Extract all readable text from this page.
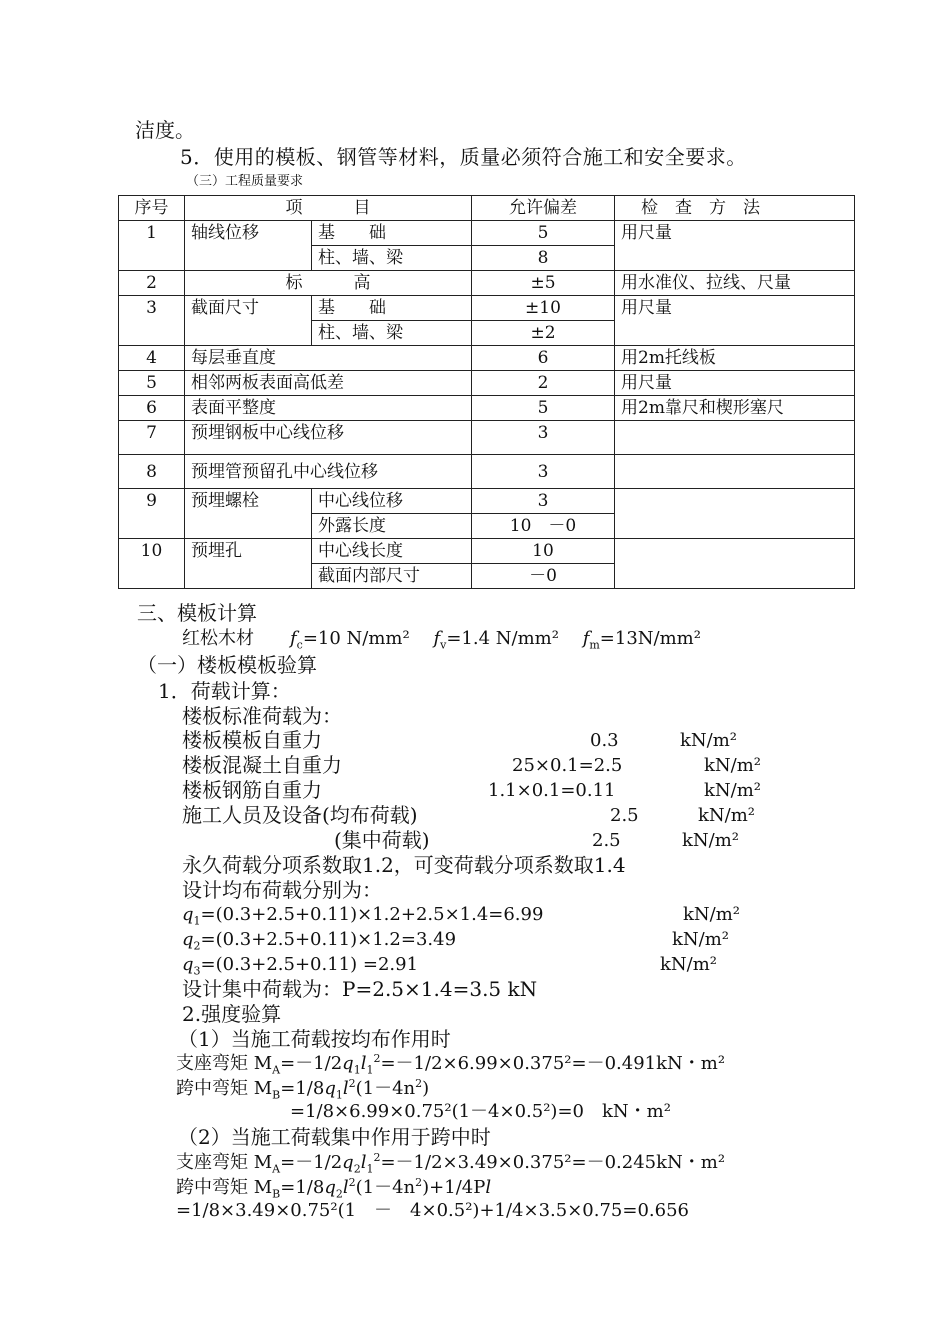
洁度。
5．使用的模板、钢管等材料，质量必须符合施工和安全要求。
（三）工程质量要求
序号	项　　　目		允许偏差	检　查　方　法
1	轴线位移	基　　础	5	用尺量
		柱、墙、梁	8	
2	标　　　高		±5	用水准仪、拉线、尺量
3	截面尺寸	基　　础	±10	用尺量
		柱、墙、梁	±2	
4	每层垂直度		6	用2m托线板
5	相邻两板表面高低差		2	用尺量
6	表面平整度		5	用2m靠尺和楔形塞尺
7	预埋钢板中心线位移		3	
8	预埋管预留孔中心线位移		3	
9	预埋螺栓	中心线位移	3	
		外露长度	10　－0	
10	预埋孔	中心线长度	10	
		截面内部尺寸	－0	
三、模板计算
红松木材　　 $f_c=10$ N/mm²　 $f_v=1.4$ N/mm²　 $f_m=13N$/mm²
（一）楼板模板验算
1．荷载计算：
楼板标准荷载为：
楼板模板自重力	0.3	kN/m²
楼板混凝土自重力	25×0.1=2.5	kN/m²
楼板钢筋自重力	1.1×0.1=0.11	kN/m²
施工人员及设备(均布荷载)	2.5	kN/m²
(集中荷载)	2.5	kN/m²
永久荷载分项系数取1.2，可变荷载分项系数取1.4
设计均布荷载分别为：
$q_1=(0.3+2.5+0.11)\times 1.2+2.5\times 1.4=6.99$	kN/m²
$q_2=(0.3+2.5+0.11)\times 1.2=3.49$	kN/m²
$q_3=(0.3+2.5+0.11) =2.91$	kN/m²
设计集中荷载为：P=2.5×1.4=3.5 kN
2.强度验算
（1）当施工荷载按均布作用时
支座弯矩 $M_A=-1/2q_1l_1^2=-1/2\times 6.99\times 0.375^2=-0.491kN$・m²
跨中弯矩 $M_B=1/8q_1l^2(1-4n^2)$
=1/8×6.99×0.75²(1－4×0.5²)=0　kN・m²
（2）当施工荷载集中作用于跨中时
支座弯矩 $M_A=-1/2q_2l_1^2=-1/2\times 3.49\times 0.375^2=-0.245kN$・m²
跨中弯矩 $M_B=1/8q_2l^2(1-4n^2)+1/4Pl$
=1/8×3.49×0.75²(1　－　4×0.5²)+1/4×3.5×0.75=0.656
